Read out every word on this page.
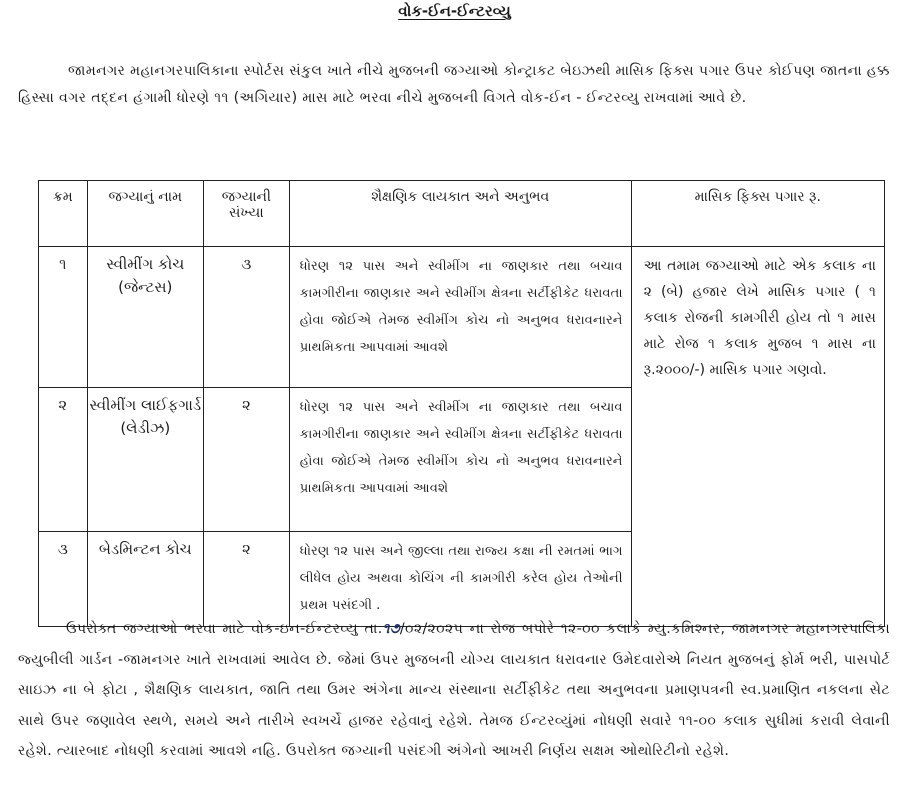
વોક-ઈન-ઈન્ટરવ્યુ

જામનગર મહાનગરપાલિકાના સ્પોર્ટસ સંકુલ ખાતે નીચે મુજબની જગ્યાઓ કોન્ટ્રાકટ બેઇઝથી માસિક ફિક્સ પગાર ઉપર કોઈપણ જાતના હક્ક હિસ્સા વગર તદ્દન હંગામી ધોરણે ૧૧ (અગિયાર) માસ માટે ભરવા નીચે મુજબની વિગતે વોક-ઈન - ઈન્ટરવ્યુ રાખવામાં આવે છે.

ક્રમ	જગ્યાનું નામ	જગ્યાની સંખ્યા	શૈક્ષણિક લાયકાત અને અનુભવ	માસિક ફિક્સ પગાર રૂ.
૧	સ્વીમીંગ કોચ (જેન્ટસ)	૩	ધોરણ ૧૨ પાસ અને સ્વીમીંગ ના જાણકાર તથા બચાવ કામગીરીના જાણકાર અને સ્વીમીંગ ક્ષેત્રના સર્ટીફીકેટ ધરાવતા હોવા જોઈએ તેમજ સ્વીમીંગ કોચ નો અનુભવ ધરાવનારને પ્રાથમિકતા આપવામાં આવશે	આ તમામ જગ્યાઓ માટે એક કલાક ના ૨ (બે) હજાર લેખે માસિક પગાર ( ૧ કલાક રોજની કામગીરી હોય તો ૧ માસ માટે રોજ ૧ કલાક મુજબ ૧ માસ ના રૂ.૨૦૦૦/-) માસિક પગાર ગણવો.
૨	સ્વીમીંગ લાઈફગાર્ડ (લેડીઝ)	૨	ધોરણ ૧૨ પાસ અને સ્વીમીંગ ના જાણકાર તથા બચાવ કામગીરીના જાણકાર અને સ્વીમીંગ ક્ષેત્રના સર્ટીફીકેટ ધરાવતા હોવા જોઈએ તેમજ સ્વીમીંગ કોચ નો અનુભવ ધરાવનારને પ્રાથમિકતા આપવામાં આવશે	
૩	બેડમિન્ટન કોચ	૨	ધોરણ ૧૨ પાસ અને જીલ્લા તથા રાજ્ય કક્ષા ની રમતમાં ભાગ લીધેલ હોય અથવા કોચિંગ ની કામગીરી કરેલ હોય તેઓની પ્રથમ પસંદગી .	

ઉપરોક્ત જગ્યાઓ ભરવા માટે વોક-ઇન-ઈન્ટરવ્યુ તા.૧૭/૦૨/૨૦૨૫ ના રોજ બપોરે ૧૨-૦૦ કલાકે મ્યુ.કમિશ્નર, જામનગર મહાનગરપાલિકા જ્યુબીલી ગાર્ડન -જામનગર ખાતે રાખવામાં આવેલ છે. જેમાં ઉપર મુજબની યોગ્ય લાયકાત ધરાવનાર ઉમેદવારોએ નિયત મુજબનું ફોર્મ ભરી, પાસપોર્ટ સાઇઝ ના બે ફોટા , શૈક્ષણિક લાયકાત, જાતિ તથા ઉમર અંગેના માન્ય સંસ્થાના સર્ટીફીકેટ તથા અનુભવના પ્રમાણપત્રની સ્વ.પ્રમાણિત નકલના સેટ સાથે ઉપર જણાવેલ સ્થળે, સમયે અને તારીખે સ્વખર્ચે હાજર રહેવાનું રહેશે. તેમજ ઈન્ટરવ્યુંમાં નોધણી સવારે ૧૧-૦૦ કલાક સુધીમાં કરાવી લેવાની રહેશે. ત્યારબાદ નોધણી કરવામાં આવશે નહિ. ઉપરોક્ત જગ્યાની પસંદગી અંગેનો આખરી નિર્ણય સક્ષમ ઓથોરિટીનો રહેશે.
